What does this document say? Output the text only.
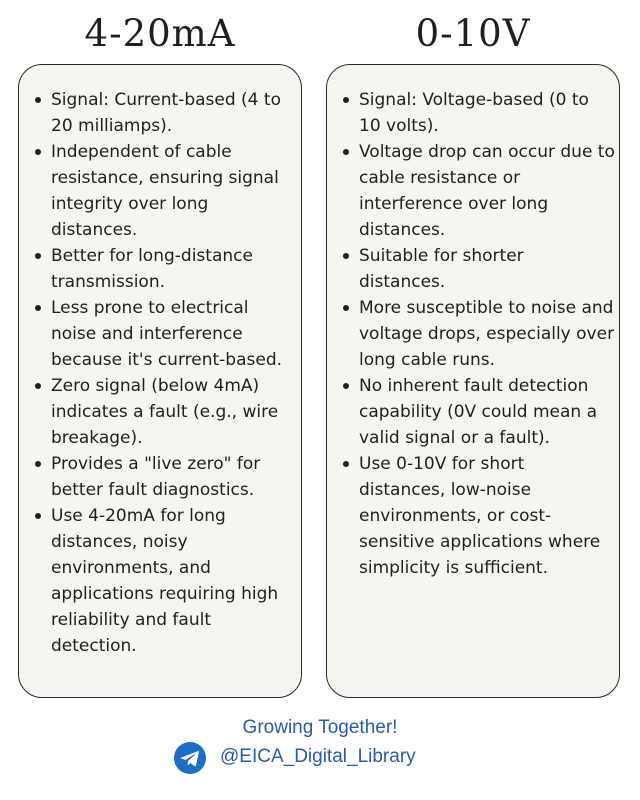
4-20mA	0-10V
Signal: Current-based (4 to 20 milliamps).
Independent of cable resistance, ensuring signal integrity over long distances.
Better for long-distance transmission.
Less prone to electrical noise and interference because it's current-based.
Zero signal (below 4mA) indicates a fault (e.g., wire breakage).
Provides a "live zero" for better fault diagnostics.
Use 4-20mA for long distances, noisy environments, and applications requiring high reliability and fault detection.
Signal: Voltage-based (0 to 10 volts).
Voltage drop can occur due to cable resistance or interference over long distances.
Suitable for shorter distances.
More susceptible to noise and voltage drops, especially over long cable runs.
No inherent fault detection capability (0V could mean a valid signal or a fault).
Use 0-10V for short distances, low-noise environments, or cost-sensitive applications where simplicity is sufficient.
Growing Together!
@EICA_Digital_Library
